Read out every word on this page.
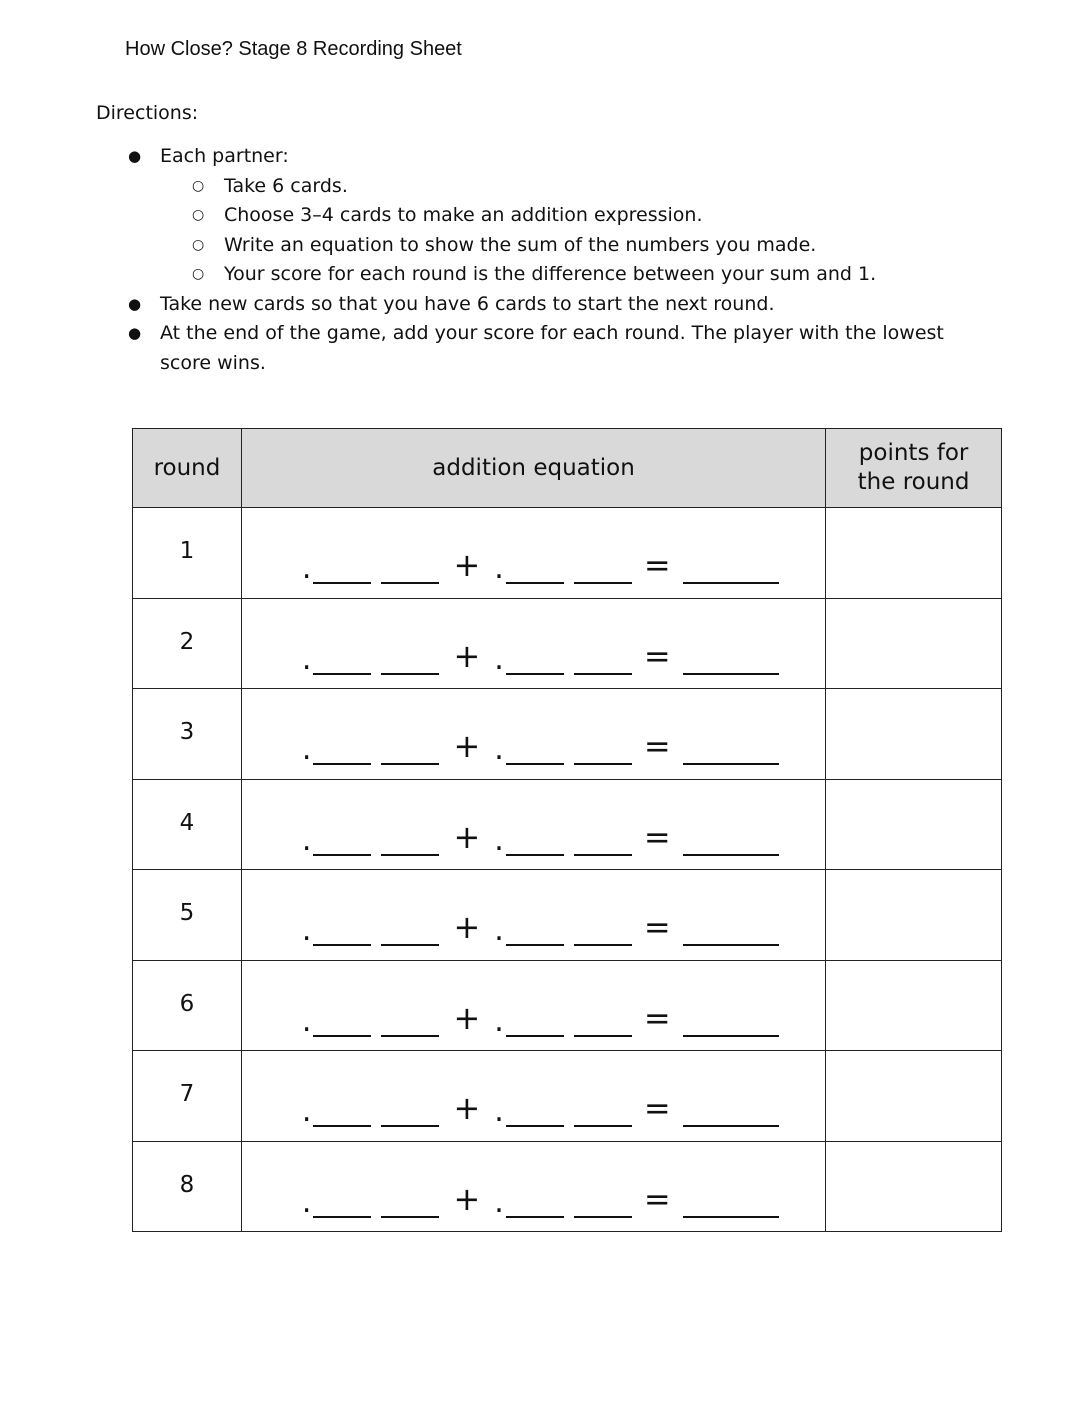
How Close? Stage 8 Recording Sheet
Directions:
● Each partner:
○	Take 6 cards.
○	Choose 3–4 cards to make an addition expression.
○	Write an equation to show the sum of the numbers you made.
○	Your score for each round is the difference between your sum and 1.
● Take new cards so that you have 6 cards to start the next round.
● At the end of the game, add your score for each round. The player with the lowest score wins.
round	addition equation	points for
the round

1	. + . =	

2	. + . =	

3	. + . =	

4	. + . =	

5	. + . =	

6	. + . =	

7	. + . =	

8	. + . =	
